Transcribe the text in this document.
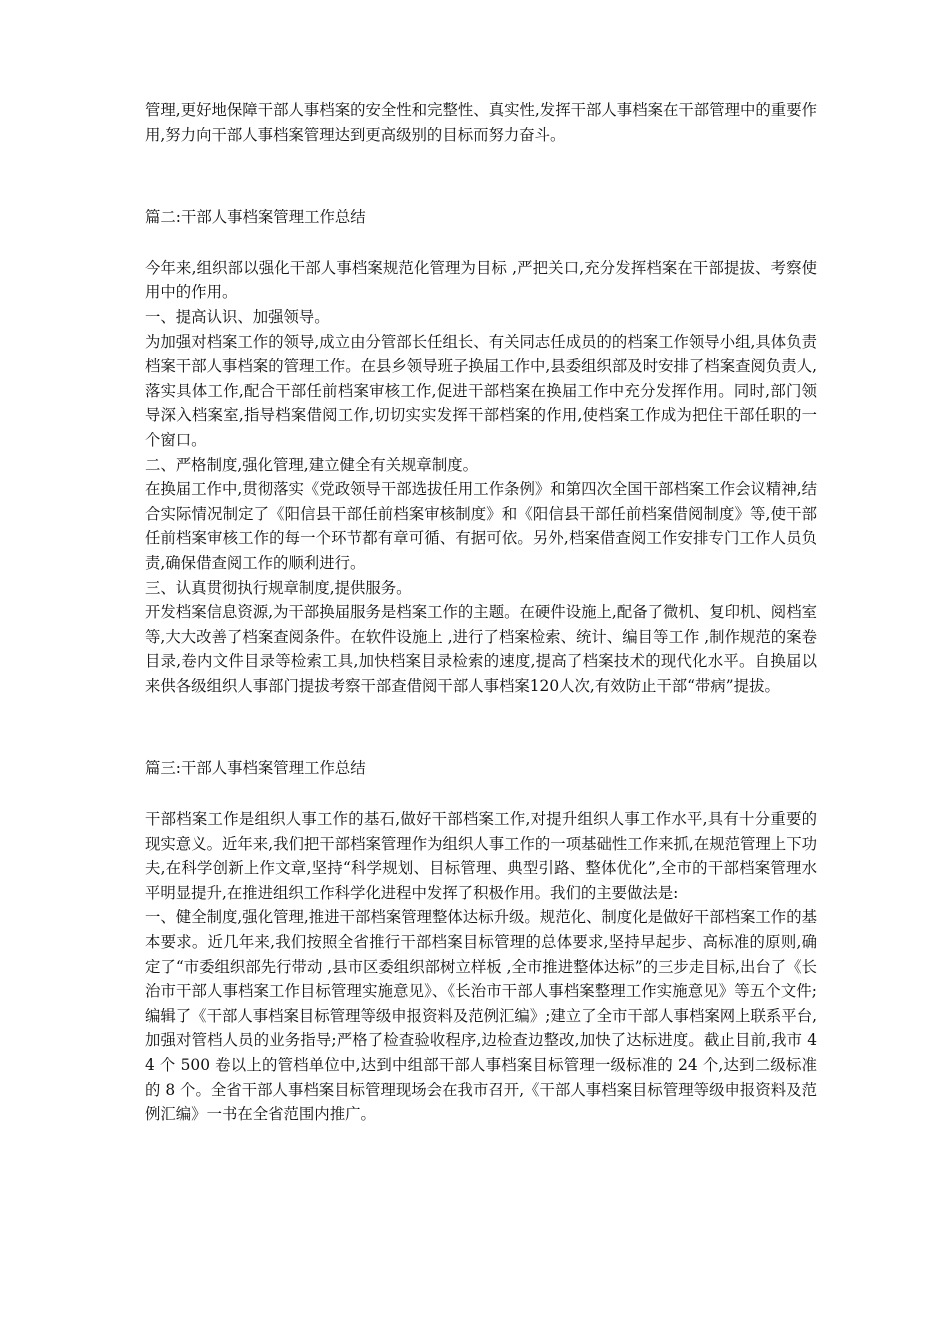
管理,更好地保障干部人事档案的安全性和完整性、真实性,发挥干部人事档案在干部管理中的重要作用,努力向干部人事档案管理达到更高级别的目标而努力奋斗。

篇二:干部人事档案管理工作总结

今年来,组织部以强化干部人事档案规范化管理为目标 ,严把关口,充分发挥档案在干部提拔、考察使用中的作用。

一、提高认识、加强领导。

为加强对档案工作的领导,成立由分管部长任组长、有关同志任成员的的档案工作领导小组,具体负责档案干部人事档案的管理工作。在县乡领导班子换届工作中,县委组织部及时安排了档案查阅负责人,落实具体工作,配合干部任前档案审核工作,促进干部档案在换届工作中充分发挥作用。同时,部门领导深入档案室,指导档案借阅工作,切切实实发挥干部档案的作用,使档案工作成为把住干部任职的一个窗口。

二、严格制度,强化管理,建立健全有关规章制度。

在换届工作中,贯彻落实《党政领导干部选拔任用工作条例》和第四次全国干部档案工作会议精神,结合实际情况制定了《阳信县干部任前档案审核制度》和《阳信县干部任前档案借阅制度》等,使干部任前档案审核工作的每一个环节都有章可循、有据可依。另外,档案借查阅工作安排专门工作人员负责,确保借查阅工作的顺利进行。

三、认真贯彻执行规章制度,提供服务。

开发档案信息资源,为干部换届服务是档案工作的主题。在硬件设施上,配备了微机、复印机、阅档室等,大大改善了档案查阅条件。在软件设施上 ,进行了档案检索、统计、编目等工作 ,制作规范的案卷目录,卷内文件目录等检索工具,加快档案目录检索的速度,提高了档案技术的现代化水平。自换届以来供各级组织人事部门提拔考察干部查借阅干部人事档案120人次,有效防止干部“带病”提拔。

篇三:干部人事档案管理工作总结

干部档案工作是组织人事工作的基石,做好干部档案工作,对提升组织人事工作水平,具有十分重要的现实意义。近年来,我们把干部档案管理作为组织人事工作的一项基础性工作来抓,在规范管理上下功夫,在科学创新上作文章,坚持“科学规划、目标管理、典型引路、整体优化”,全市的干部档案管理水平明显提升,在推进组织工作科学化进程中发挥了积极作用。我们的主要做法是:

一、健全制度,强化管理,推进干部档案管理整体达标升级。规范化、制度化是做好干部档案工作的基本要求。近几年来,我们按照全省推行干部档案目标管理的总体要求,坚持早起步、高标准的原则,确定了“市委组织部先行带动 ,县市区委组织部树立样板 ,全市推进整体达标”的三步走目标,出台了《长治市干部人事档案工作目标管理实施意见》、《长治市干部人事档案整理工作实施意见》等五个文件;编辑了《干部人事档案目标管理等级申报资料及范例汇编》;建立了全市干部人事档案网上联系平台,加强对管档人员的业务指导;严格了检查验收程序,边检查边整改,加快了达标进度。截止目前,我市 44 个 500 卷以上的管档单位中,达到中组部干部人事档案目标管理一级标准的 24 个,达到二级标准的 8 个。全省干部人事档案目标管理现场会在我市召开,《干部人事档案目标管理等级申报资料及范例汇编》一书在全省范围内推广。
